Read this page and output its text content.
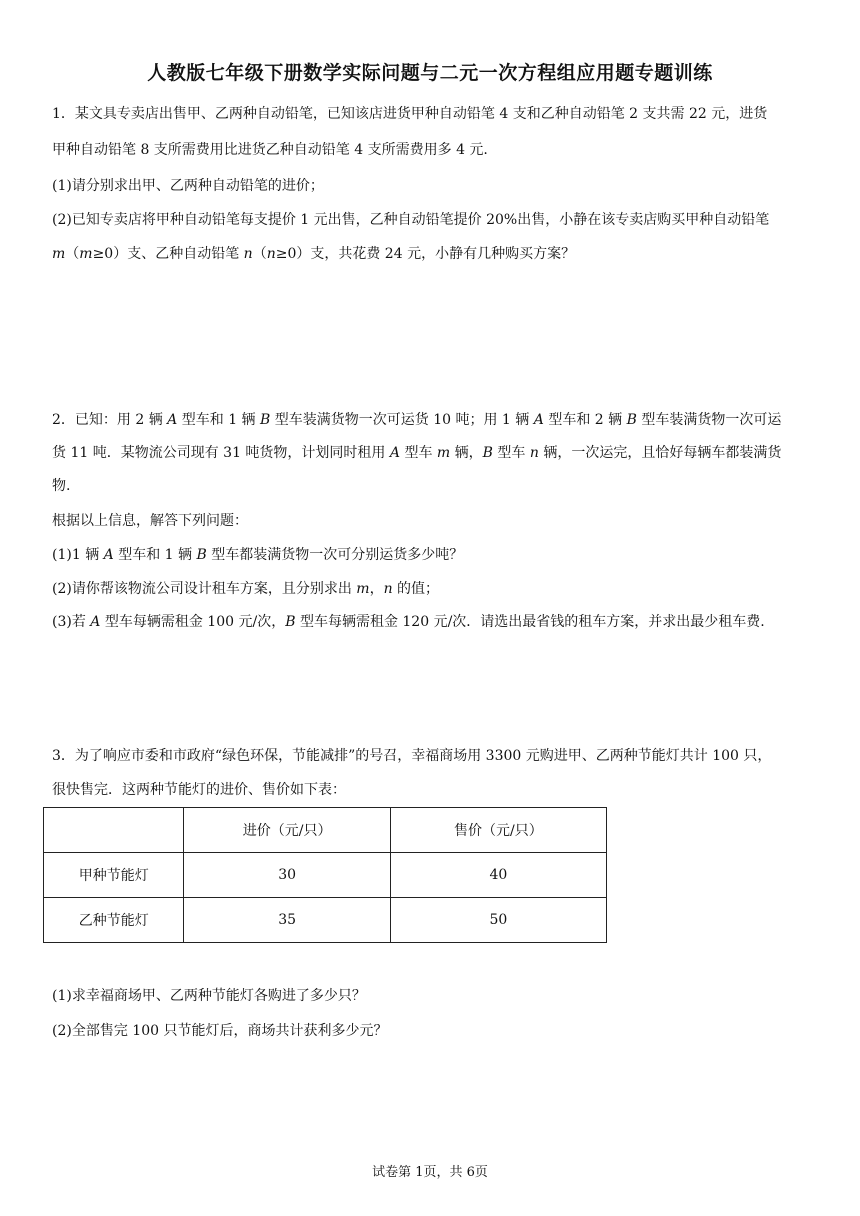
人教版七年级下册数学实际问题与二元一次方程组应用题专题训练
1．某文具专卖店出售甲、乙两种自动铅笔，已知该店进货甲种自动铅笔 4 支和乙种自动铅笔 2 支共需 22 元，进货
甲种自动铅笔 8 支所需费用比进货乙种自动铅笔 4 支所需费用多 4 元.
(1)请分别求出甲、乙两种自动铅笔的进价；
(2)已知专卖店将甲种自动铅笔每支提价 1 元出售，乙种自动铅笔提价 20%出售，小静在该专卖店购买甲种自动铅笔
m（m≥0）支、乙种自动铅笔 n（n≥0）支，共花费 24 元，小静有几种购买方案？
2．已知：用 2 辆 A 型车和 1 辆 B 型车装满货物一次可运货 10 吨；用 1 辆 A 型车和 2 辆 B 型车装满货物一次可运
货 11 吨．某物流公司现有 31 吨货物，计划同时租用 A 型车 m 辆，B 型车 n 辆，一次运完，且恰好每辆车都装满货
物.
根据以上信息，解答下列问题：
(1)1 辆 A 型车和 1 辆 B 型车都装满货物一次可分别运货多少吨？
(2)请你帮该物流公司设计租车方案，且分别求出 m，n 的值；
(3)若 A 型车每辆需租金 100 元/次，B 型车每辆需租金 120 元/次．请选出最省钱的租车方案，并求出最少租车费.
3．为了响应市委和市政府“绿色环保，节能减排”的号召，幸福商场用 3300 元购进甲、乙两种节能灯共计 100 只，
很快售完．这两种节能灯的进价、售价如下表：
	进价（元/只）	售价（元/只）
甲种节能灯	30	40
乙种节能灯	35	50
(1)求幸福商场甲、乙两种节能灯各购进了多少只？
(2)全部售完 100 只节能灯后，商场共计获利多少元？
试卷第 1页，共 6页
